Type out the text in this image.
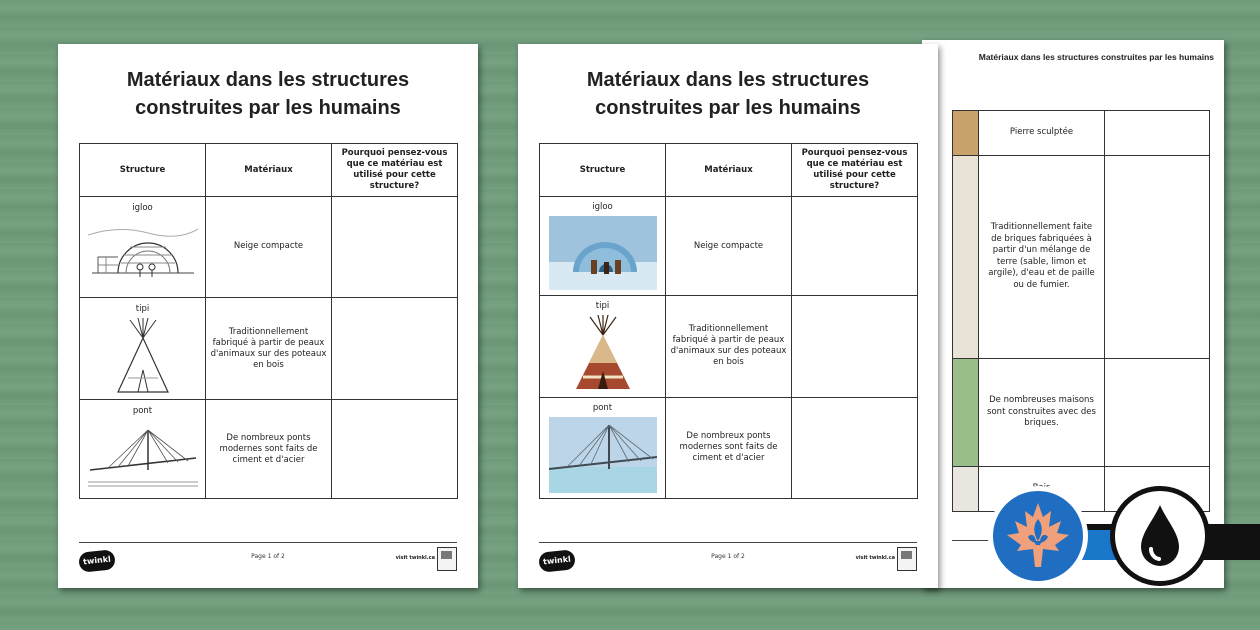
Matériaux dans les structures
construites par les humains
Structure	Matériaux	Pourquoi pensez-vous que ce matériau est utilisé pour cette structure?

igloo	Neige compacte	

tipi	Traditionnellement fabriqué à partir de peaux d'animaux sur des poteaux en bois	

pont	De nombreux ponts modernes sont faits de ciment et d'acier	
twinkl	Page 1 of 2	visit twinkl.ca
Matériaux dans les structures
construites par les humains
Structure	Matériaux	Pourquoi pensez-vous que ce matériau est utilisé pour cette structure?

igloo	Neige compacte	

tipi	Traditionnellement fabriqué à partir de peaux d'animaux sur des poteaux en bois	

pont	De nombreux ponts modernes sont faits de ciment et d'acier	
twinkl	Page 1 of 2	visit twinkl.ca
Matériaux dans les structures construites par les humains
	Pierre sculptée	
	Traditionnellement faite de briques fabriquées à partir d'un mélange de terre (sable, limon et argile), d'eau et de paille ou de fumier.	
	De nombreuses maisons sont construites avec des briques.	
